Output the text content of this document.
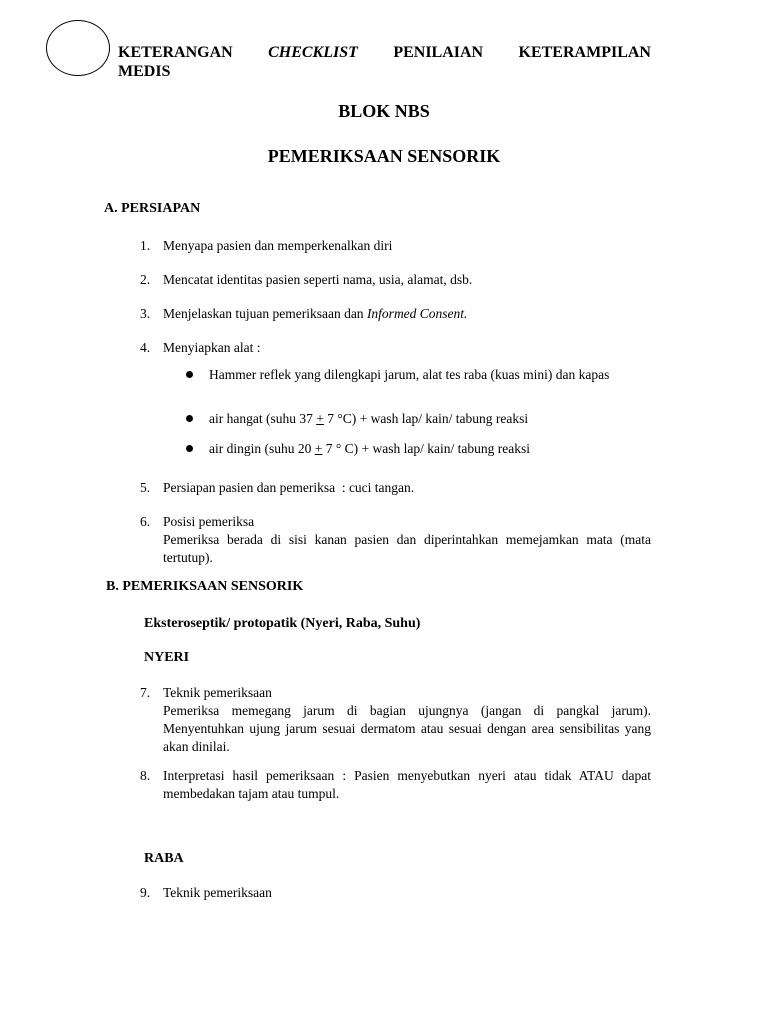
KETERANGAN CHECKLIST PENILAIAN KETERAMPILAN
MEDIS
BLOK NBS
PEMERIKSAAN SENSORIK
A. PERSIAPAN
1. Menyapa pasien dan memperkenalkan diri
2. Mencatat identitas pasien seperti nama, usia, alamat, dsb.
3. Menjelaskan tujuan pemeriksaan dan Informed Consent.
4. Menyiapkan alat :
Hammer reflek yang dilengkapi jarum, alat tes raba (kuas mini) dan kapas
air hangat (suhu 37 + 7 °C) + wash lap/ kain/ tabung reaksi
air dingin (suhu 20 + 7 ° C) + wash lap/ kain/ tabung reaksi
5. Persiapan pasien dan pemeriksa  : cuci tangan.
6. Posisi pemeriksa
Pemeriksa berada di sisi kanan pasien dan diperintahkan memejamkan mata (mata tertutup).
B. PEMERIKSAAN SENSORIK
Eksteroseptik/ protopatik (Nyeri, Raba, Suhu)
NYERI
7. Teknik pemeriksaan
Pemeriksa memegang jarum di bagian ujungnya (jangan di pangkal jarum). Menyentuhkan ujung jarum sesuai dermatom atau sesuai dengan area sensibilitas yang akan dinilai.
8. Interpretasi hasil pemeriksaan : Pasien menyebutkan nyeri atau tidak ATAU dapat membedakan tajam atau tumpul.
RABA
9. Teknik pemeriksaan
